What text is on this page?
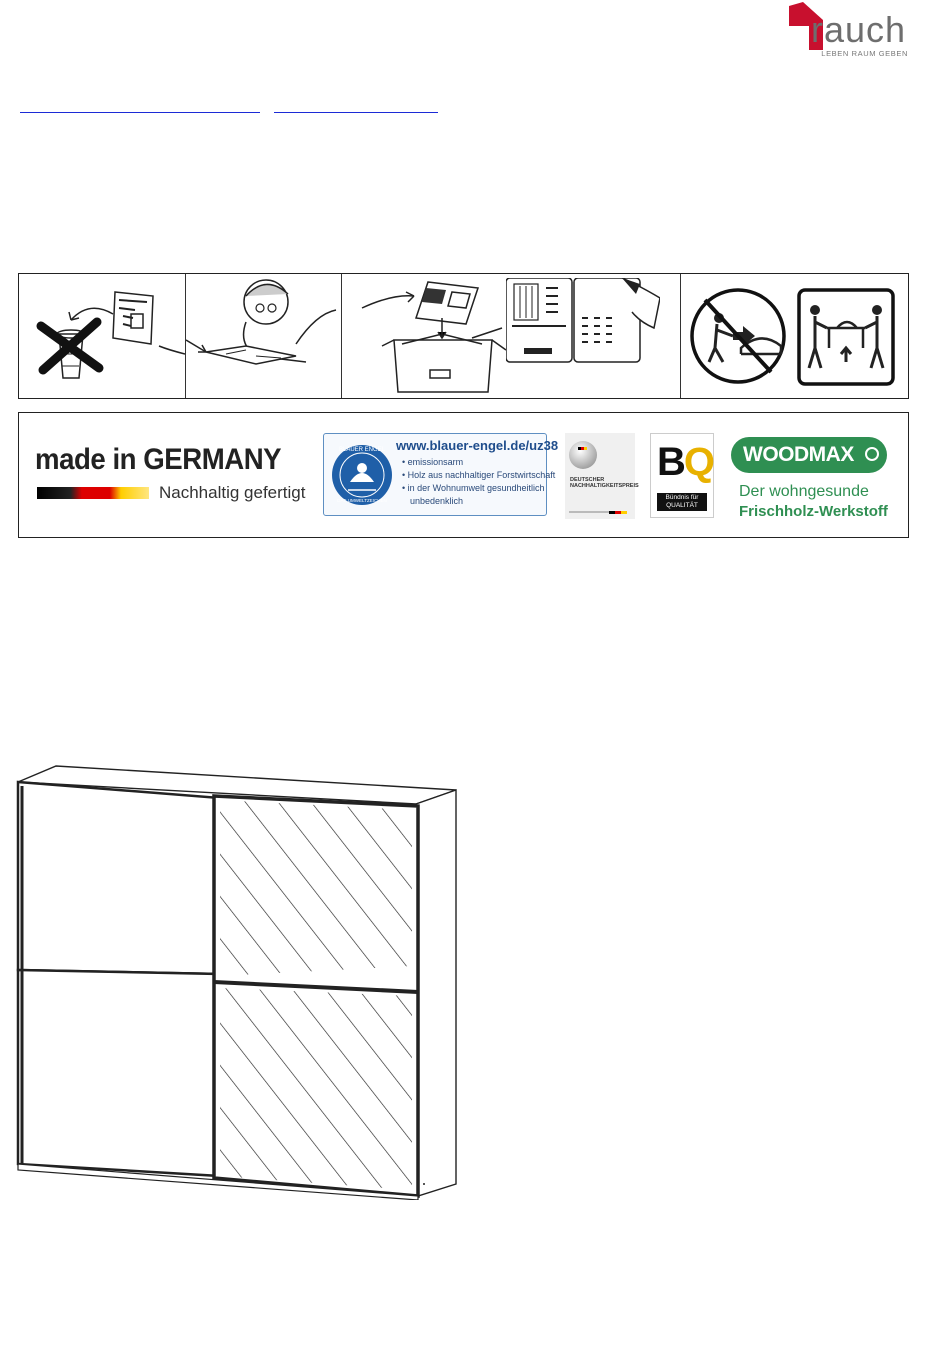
rauch
LEBEN RAUM GEBEN
made in GERMANY
Nachhaltig gefertigt
BLAUER ENGEL
DAS UMWELTZEICHEN
www.blauer-engel.de/uz38
• emissionsarm
• Holz aus nachhaltiger Forstwirtschaft
• in der Wohnumwelt gesundheitlich
unbedenklich
DEUTSCHER NACHHALTIGKEITSPREIS
BQ
Bündnis für
QUALITÄT
WOODMAX
Der wohngesunde
Frischholz-Werkstoff
